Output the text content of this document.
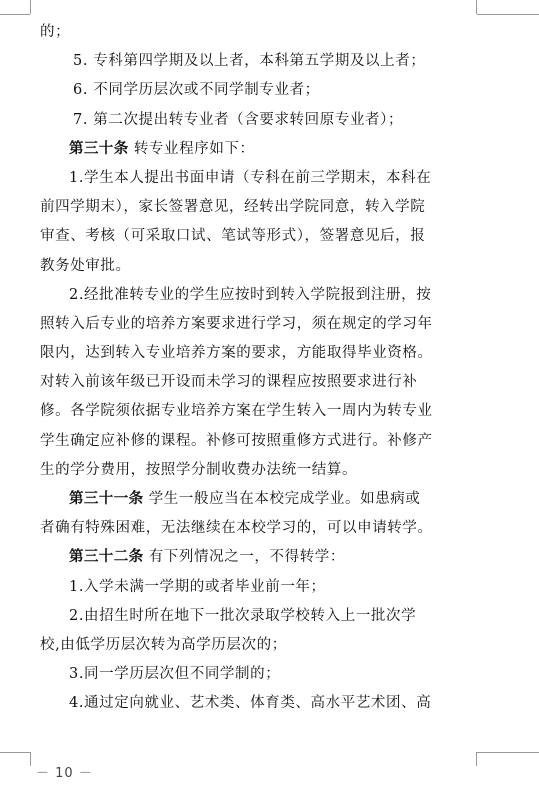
的；
5. 专科第四学期及以上者，本科第五学期及以上者；
6. 不同学历层次或不同学制专业者；
7. 第二次提出转专业者（含要求转回原专业者）；
第三十条 转专业程序如下：
1.学生本人提出书面申请（专科在前三学期末，本科在
前四学期末），家长签署意见，经转出学院同意，转入学院
审查、考核（可采取口试、笔试等形式），签署意见后，报
教务处审批。
2.经批准转专业的学生应按时到转入学院报到注册，按
照转入后专业的培养方案要求进行学习，须在规定的学习年
限内，达到转入专业培养方案的要求，方能取得毕业资格。
对转入前该年级已开设而未学习的课程应按照要求进行补
修。各学院须依据专业培养方案在学生转入一周内为转专业
学生确定应补修的课程。补修可按照重修方式进行。补修产
生的学分费用，按照学分制收费办法统一结算。
第三十一条 学生一般应当在本校完成学业。如患病或
者确有特殊困难，无法继续在本校学习的，可以申请转学。
第三十二条 有下列情况之一，不得转学：
1.入学未满一学期的或者毕业前一年；
2.由招生时所在地下一批次录取学校转入上一批次学
校,由低学历层次转为高学历层次的；
3.同一学历层次但不同学制的；
4.通过定向就业、艺术类、体育类、高水平艺术团、高
－ 10 －
